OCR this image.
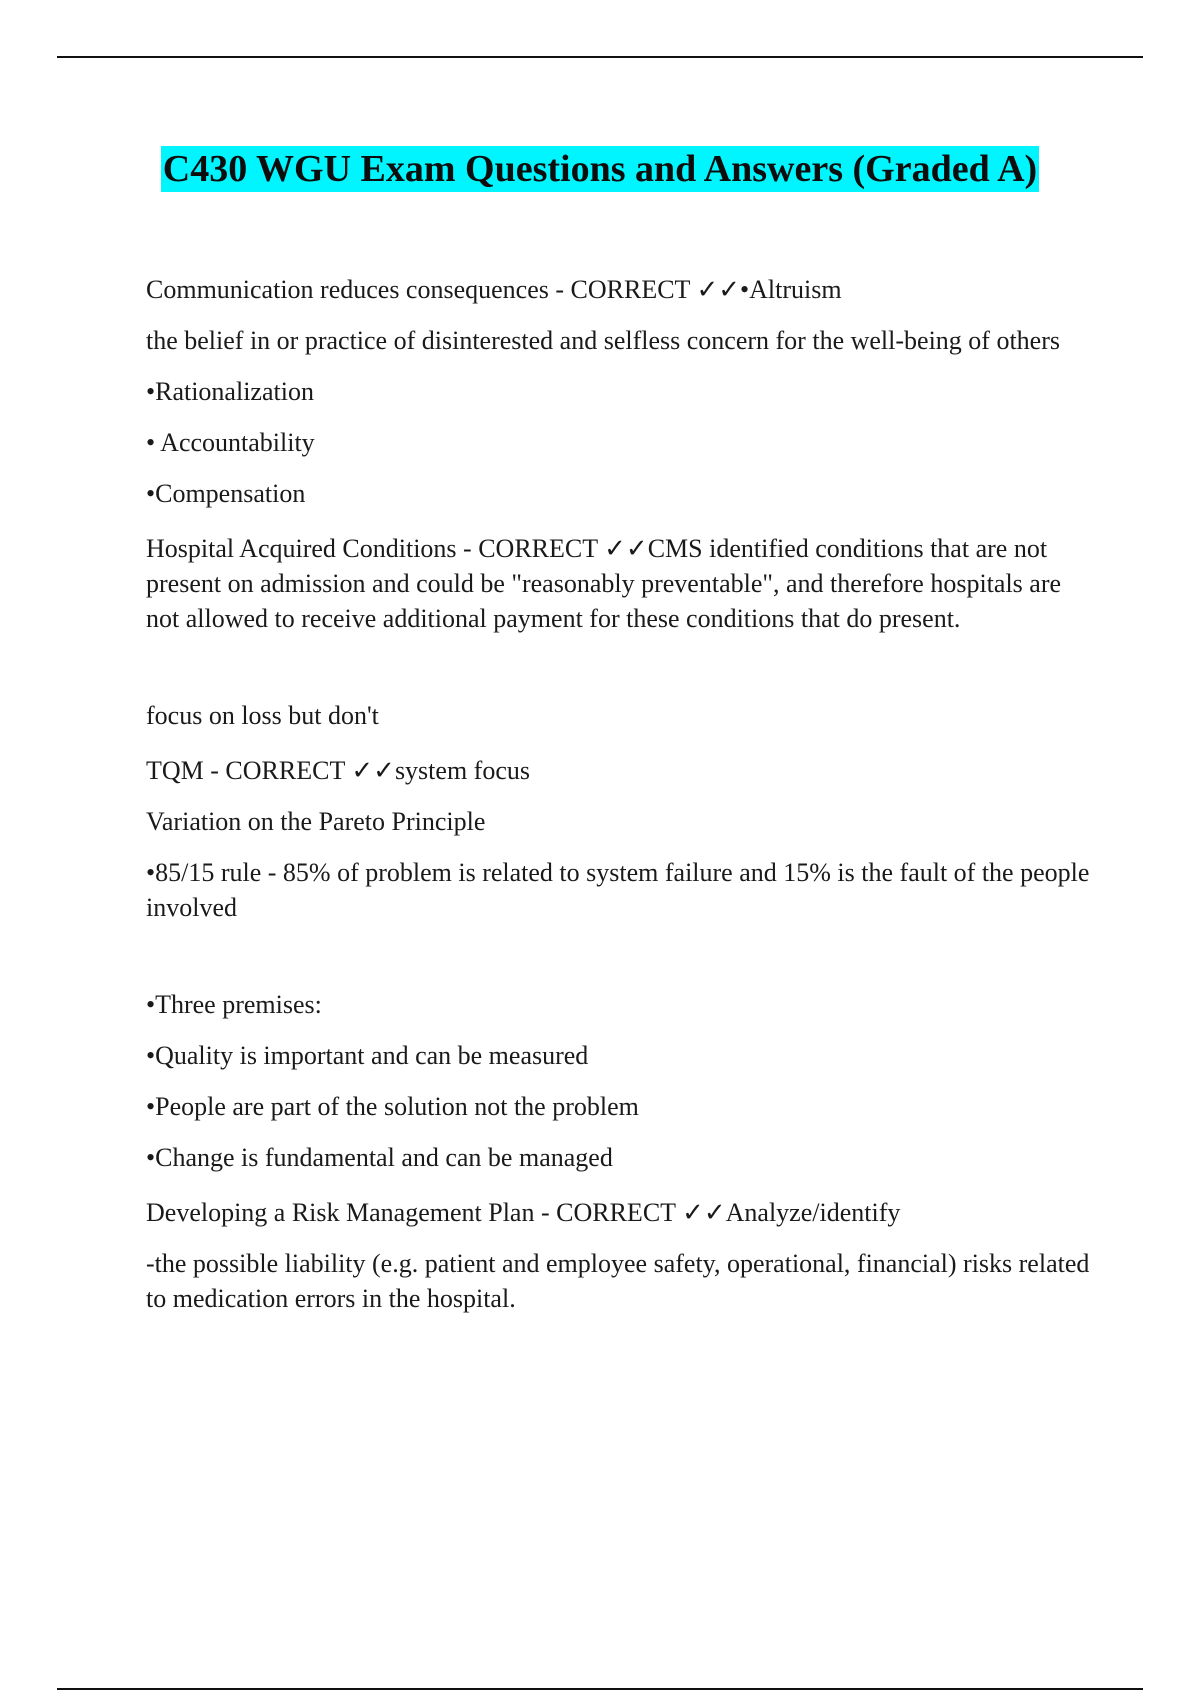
C430 WGU Exam Questions and Answers (Graded A)

Communication reduces consequences - CORRECT ✓✓•Altruism

the belief in or practice of disinterested and selfless concern for the well-being of others

•Rationalization

• Accountability

•Compensation

Hospital Acquired Conditions - CORRECT ✓✓CMS identified conditions that are not present on admission and could be "reasonably preventable", and therefore hospitals are not allowed to receive additional payment for these conditions that do present.

focus on loss but don't

TQM - CORRECT ✓✓system focus

Variation on the Pareto Principle

•85/15 rule - 85% of problem is related to system failure and 15% is the fault of the people involved

•Three premises:

•Quality is important and can be measured

•People are part of the solution not the problem

•Change is fundamental and can be managed

Developing a Risk Management Plan - CORRECT ✓✓Analyze/identify

-the possible liability (e.g. patient and employee safety, operational, financial) risks related to medication errors in the hospital.
